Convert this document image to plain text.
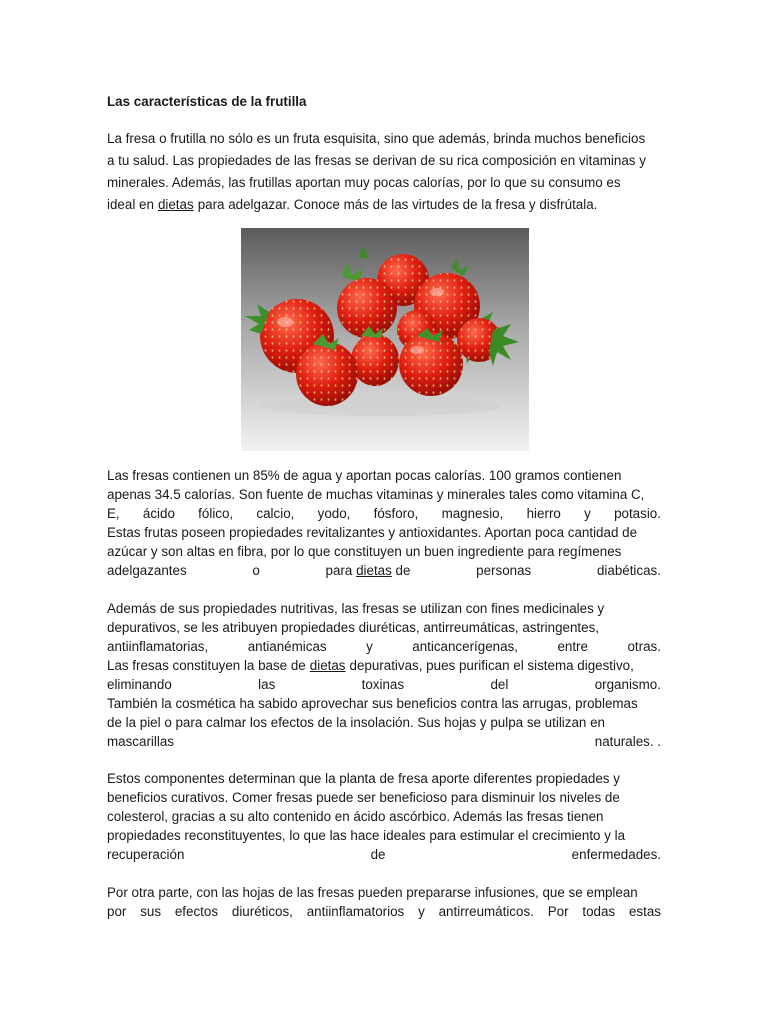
Las características de la frutilla
La fresa o frutilla no sólo es un fruta esquisita, sino que además, brinda muchos beneficios
a tu salud. Las propiedades de las fresas se derivan de su rica composición en vitaminas y
minerales. Además, las frutillas aportan muy pocas calorías, por lo que su consumo es
ideal en dietas para adelgazar. Conoce más de las virtudes de la fresa y disfrútala.
Las fresas contienen un 85% de agua y aportan pocas calorías. 100 gramos contienen
apenas 34.5 calorías. Son fuente de muchas vitaminas y minerales tales como vitamina C,
E, ácido fólico, calcio, yodo, fósforo, magnesio, hierro y potasio.
Estas frutas poseen propiedades revitalizantes y antioxidantes. Aportan poca cantidad de
azúcar y son altas en fibra, por lo que constituyen un buen ingrediente para regímenes
adelgazantes	o	para dietas de	personas	diabéticas.
Además de sus propiedades nutritivas, las fresas se utilizan con fines medicinales y
depurativos, se les atribuyen propiedades diuréticas, antirreumáticas, astringentes,
antiinflamatorias,	antianémicas	y	anticancerígenas,	entre	otras.
Las fresas constituyen la base de dietas depurativas, pues purifican el sistema digestivo,
eliminando	las	toxinas	del	organismo.
También la cosmética ha sabido aprovechar sus beneficios contra las arrugas, problemas
de la piel o para calmar los efectos de la insolación. Sus hojas y pulpa se utilizan en
mascarillas	naturales. .
Estos componentes determinan que la planta de fresa aporte diferentes propiedades y
beneficios curativos. Comer fresas puede ser beneficioso para disminuir los niveles de
colesterol, gracias a su alto contenido en ácido ascórbico. Además las fresas tienen
propiedades reconstituyentes, lo que las hace ideales para estimular el crecimiento y la
recuperación	de	enfermedades.
Por otra parte, con las hojas de las fresas pueden prepararse infusiones, que se emplean
por sus efectos diuréticos, antiinflamatorios y antirreumáticos. Por todas estas
